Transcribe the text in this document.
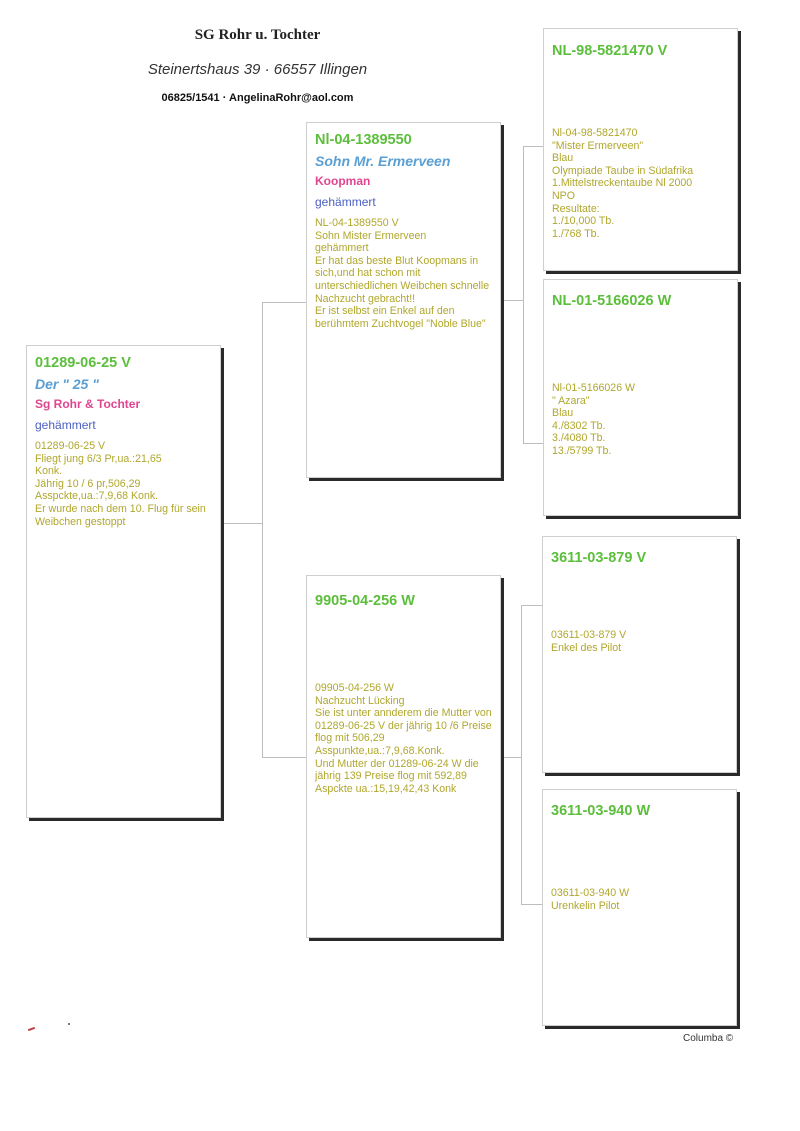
SG Rohr u. Tochter
Steinertshaus 39 · 66557 Illingen
06825/1541 · AngelinaRohr@aol.com
01289-06-25 V
Der " 25 "
Sg Rohr & Tochter
gehämmert
01289-06-25 V
Fliegt jung 6/3 Pr,ua.:21,65
Konk.
Jährig 10 / 6 pr,506,29
Asspckte,ua.:7,9,68 Konk.
Er wurde nach dem 10. Flug für sein Weibchen gestoppt
Nl-04-1389550
Sohn Mr. Ermerveen
Koopman
gehämmert
NL-04-1389550 V
Sohn Mister Ermerveen
gehämmert
Er hat das beste Blut Koopmans in sich,und hat schon mit unterschiedlichen Weibchen schnelle Nachzucht gebracht!!
Er ist selbst ein Enkel auf den berühmtem Zuchtvogel "Noble Blue"
9905-04-256 W
09905-04-256 W
Nachzucht Lücking
Sie ist unter annderem die Mutter von 01289-06-25 V der jährig 10 /6 Preise flog mit 506,29 Asspunkte,ua.:7,9,68.Konk.
Und Mutter der 01289-06-24 W die jährig 139 Preise flog mit 592,89 Aspckte ua.:15,19,42,43 Konk
NL-98-5821470 V
Nl-04-98-5821470
"Mister Ermerveen"
Blau
Olympiade Taube in Südafrika
1.Mittelstreckentaube Nl 2000
NPO
Resultate:
1./10,000 Tb.
1./768 Tb.
NL-01-5166026 W
Nl-01-5166026 W
" Azara"
Blau
4./8302 Tb.
3./4080 Tb.
13./5799 Tb.
3611-03-879 V
03611-03-879 V
Enkel des Pilot
3611-03-940 W
03611-03-940 W
Urenkelin Pilot
Columba ©
